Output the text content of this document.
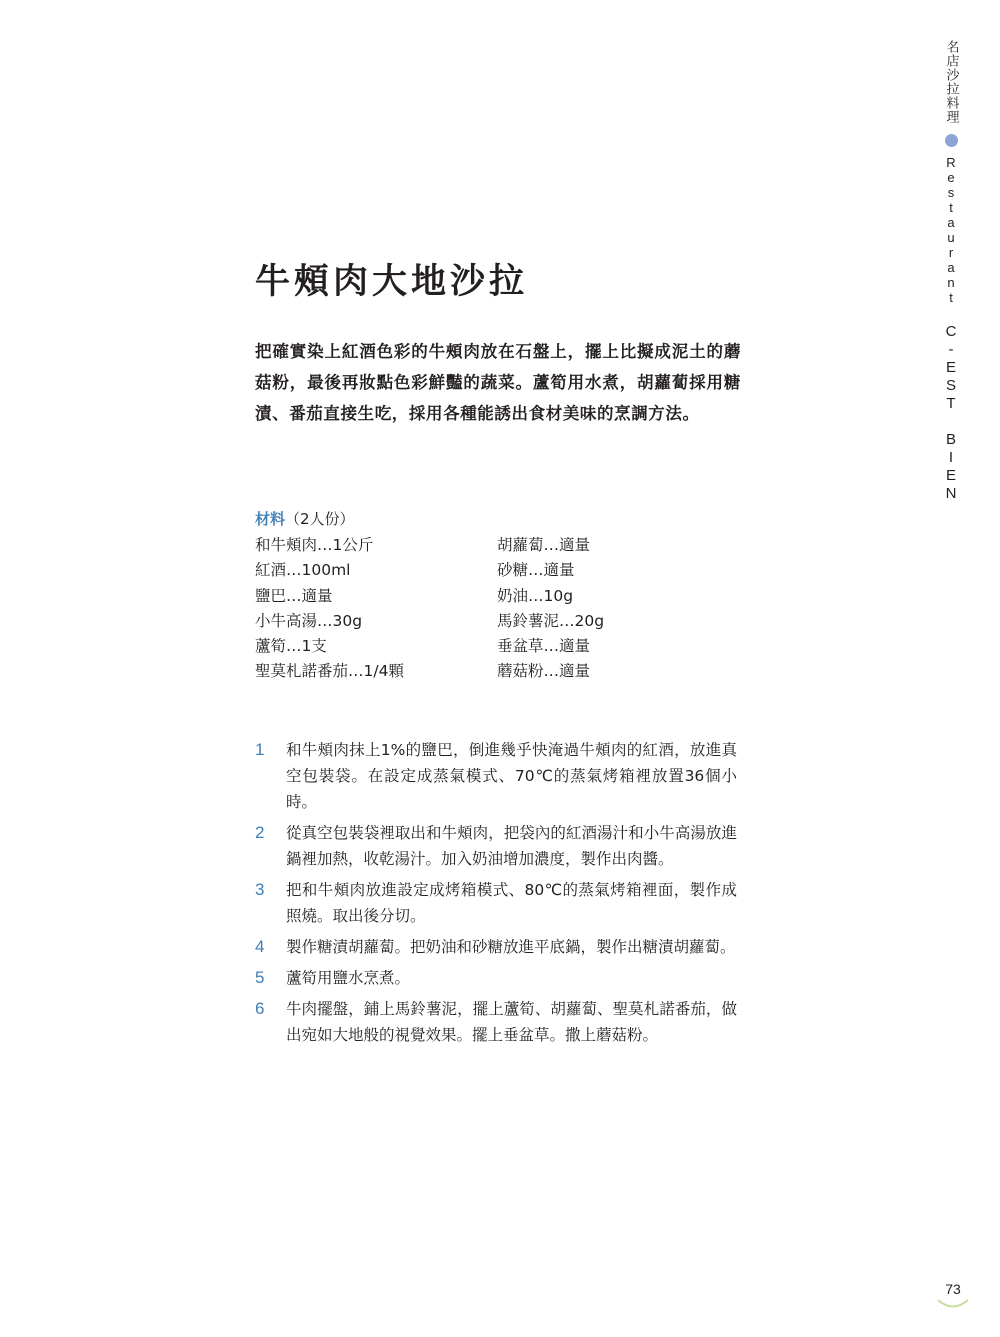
牛頰肉大地沙拉

把確實染上紅酒色彩的牛頰肉放在石盤上，擺上比擬成泥土的蘑菇粉，最後再妝點色彩鮮豔的蔬菜。蘆筍用水煮，胡蘿蔔採用糖漬、番茄直接生吃，採用各種能誘出食材美味的烹調方法。

材料（2人份）
和牛頰肉…1公斤
紅酒…100ml
鹽巴…適量
小牛高湯…30g
蘆筍…1支
聖莫札諾番茄…1/4顆
胡蘿蔔…適量
砂糖…適量
奶油…10g
馬鈴薯泥…20g
垂盆草…適量
蘑菇粉…適量
1	和牛頰肉抹上1%的鹽巴，倒進幾乎快淹過牛頰肉的紅酒，放進真空包裝袋。在設定成蒸氣模式、70℃的蒸氣烤箱裡放置36個小時。
2	從真空包裝袋裡取出和牛頰肉，把袋內的紅酒湯汁和小牛高湯放進鍋裡加熱，收乾湯汁。加入奶油增加濃度，製作出肉醬。
3	把和牛頰肉放進設定成烤箱模式、80℃的蒸氣烤箱裡面，製作成照燒。取出後分切。
4	製作糖漬胡蘿蔔。把奶油和砂糖放進平底鍋，製作出糖漬胡蘿蔔。
5	蘆筍用鹽水烹煮。
6	牛肉擺盤，鋪上馬鈴薯泥，擺上蘆筍、胡蘿蔔、聖莫札諾番茄，做出宛如大地般的視覺效果。擺上垂盆草。撒上蘑菇粉。
名店沙拉料理
Restaurant
C-EST BIEN
73
